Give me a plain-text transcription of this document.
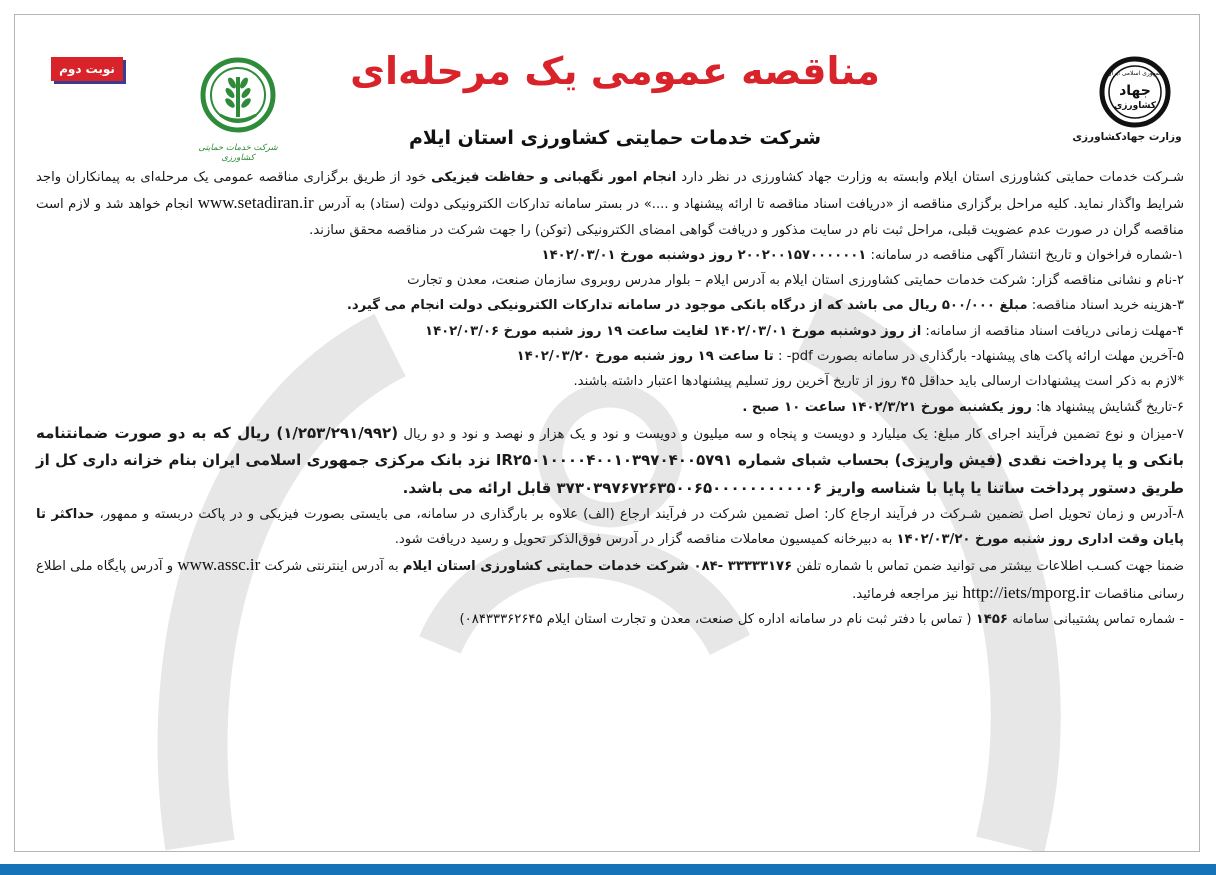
نوبت دوم
شرکت خدمات حمایتی کشاورزی
مناقصه عمومی یک مرحله‌ای
شرکت خدمات حمایتی کشاورزی استان ایلام
جمهوری اسلامی ایران
جهاد
کشاورزی
وزارت جهادکشاورزی

شـرکت خدمات حمایتی کشاورزی استان ایلام وابسته به وزارت جهاد کشاورزی در نظر دارد انجام امور نگهبانی و حفاظت فیزیکی خود از طریق برگزاری مناقصه عمومی یک مرحله‌ای به پیمانکاران واجد شرایط واگذار نماید. کلیه مراحل برگزاری مناقصه از «دریافت اسناد مناقصه تا ارائه پیشنهاد و ....» در بستر سامانه تدارکات الکترونیکی دولت (ستاد) به آدرس www.setadiran.ir انجام خواهد شد و لازم است مناقصه گران در صورت عدم عضویت قبلی، مراحل ثبت نام در سایت مذکور و دریافت گواهی امضای الکترونیکی (توکن) را جهت شرکت در مناقصه محقق سازند.

۱-شماره فراخوان و تاریخ انتشار آگهی مناقصه در سامانه: ۲۰۰۲۰۰۱۵۷۰۰۰۰۰۰۱ روز دوشنبه مورخ ۱۴۰۲/۰۳/۰۱

۲-نام و نشانی مناقصه گزار: شرکت خدمات حمایتی کشاورزی استان ایلام به آدرس ایلام – بلوار مدرس روبروی سازمان صنعت، معدن و تجارت

۳-هزینه خرید اسناد مناقصه: مبلغ ۵۰۰/۰۰۰ ریال می باشد که از درگاه بانکی موجود در سامانه تدارکات الکترونیکی دولت انجام می گیرد.

۴-مهلت زمانی دریافت اسناد مناقصه از سامانه: از روز دوشنبه مورخ ۱۴۰۲/۰۳/۰۱ لغایت ساعت ۱۹ روز شنبه مورخ ۱۴۰۲/۰۳/۰۶

۵-آخرین مهلت ارائه پاکت های پیشنهاد- بارگذاری در سامانه بصورت pdf- : تا ساعت ۱۹ روز شنبه مورخ ۱۴۰۲/۰۳/۲۰

*لازم به ذکر است پیشنهادات ارسالی باید حداقل ۴۵ روز از تاریخ آخرین روز تسلیم پیشنهادها اعتبار داشته باشند.

۶-تاریخ گشایش پیشنهاد ها: روز یکشنبه مورخ ۱۴۰۲/۳/۲۱ ساعت ۱۰ صبح .

۷-میزان و نوع تضمین فرآیند اجرای کار مبلغ: یک میلیارد و دویست و پنجاه و سه میلیون و دویست و نود و یک هزار و نهصد و نود و دو ریال (۱/۲۵۳/۲۹۱/۹۹۲) ریال که به دو صورت ضمانتنامه بانکی و یا پرداخت نقدی (فیش واریزی) بحساب شبای شماره IR۲۵۰۱۰۰۰۰۴۰۰۱۰۳۹۷۰۴۰۰۵۷۹۱ نزد بانک مرکزی جمهوری اسلامی ایران بنام خزانه داری کل از طریق دستور پرداخت ساتنا یا پایا با شناسه واریز ۳۷۳۰۳۹۷۶۷۲۶۳۵۰۰۶۵۰۰۰۰۰۰۰۰۰۰۰۶ قابل ارائه می باشد.

۸-آدرس و زمان تحویل اصل تضمین شـرکت در فرآیند ارجاع کار: اصل تضمین شرکت در فرآیند ارجاع (الف) علاوه بر بارگذاری در سامانه، می بایستی بصورت فیزیکی و در پاکت دربسته و ممهور، حداکثر تا پایان وقت اداری روز شنبه مورخ ۱۴۰۲/۰۳/۲۰ به دبیرخانه کمیسیون معاملات مناقصه گزار در آدرس فوق‌الذکر تحویل و رسید دریافت شود.

ضمنا جهت کسـب اطلاعات بیشتر می توانید ضمن تماس با شماره تلفن ۳۳۳۳۳۱۷۶ -۰۸۴ شرکت خدمات حمایتی کشاورزی استان ایلام به آدرس اینترنتی شرکت www.assc.ir و آدرس پایگاه ملی اطلاع رسانی مناقصات http://iets/mporg.ir نیز مراجعه فرمائید.

- شماره تماس پشتیبانی سامانه ۱۴۵۶ ( تماس با دفتر ثبت نام در سامانه اداره کل صنعت، معدن و تجارت استان ایلام ۰۸۴۳۳۳۶۲۶۴۵)
